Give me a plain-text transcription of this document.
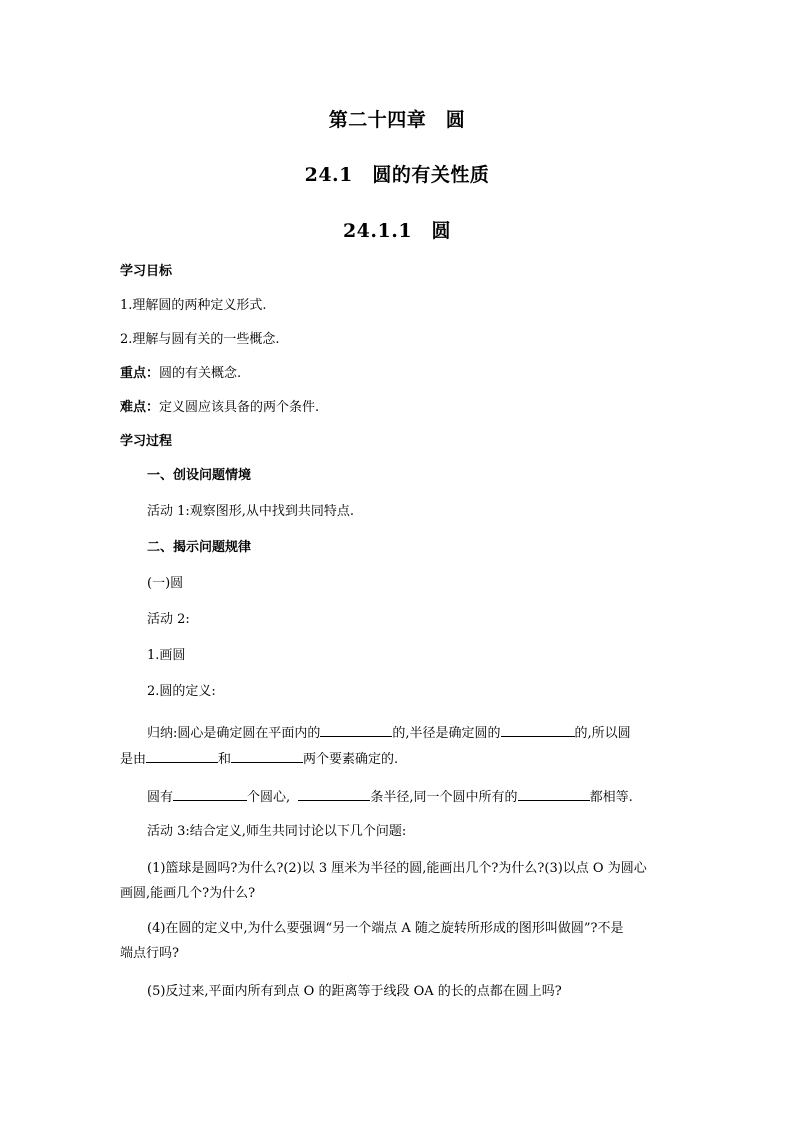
第二十四章　圆
24.1　圆的有关性质
24.1.1　圆
学习目标
1.理解圆的两种定义形式.
2.理解与圆有关的一些概念.
重点：圆的有关概念.
难点：定义圆应该具备的两个条件.
学习过程
一、创设问题情境
活动 1:观察图形,从中找到共同特点.
二、揭示问题规律
(一)圆
活动 2:
1.画圆
2.圆的定义:
归纳:圆心是确定圆在平面内的	的,半径是确定圆的	的,所以圆
是由	和	两个要素确定的.
圆有	个圆心,	条半径,同一个圆中所有的	都相等.
活动 3:结合定义,师生共同讨论以下几个问题:
(1)篮球是圆吗?为什么?(2)以 3 厘米为半径的圆,能画出几个?为什么?(3)以点 O 为圆心
画圆,能画几个?为什么?
(4)在圆的定义中,为什么要强调“另一个端点 A 随之旋转所形成的图形叫做圆”?不是
端点行吗?
(5)反过来,平面内所有到点 O 的距离等于线段 OA 的长的点都在圆上吗?
